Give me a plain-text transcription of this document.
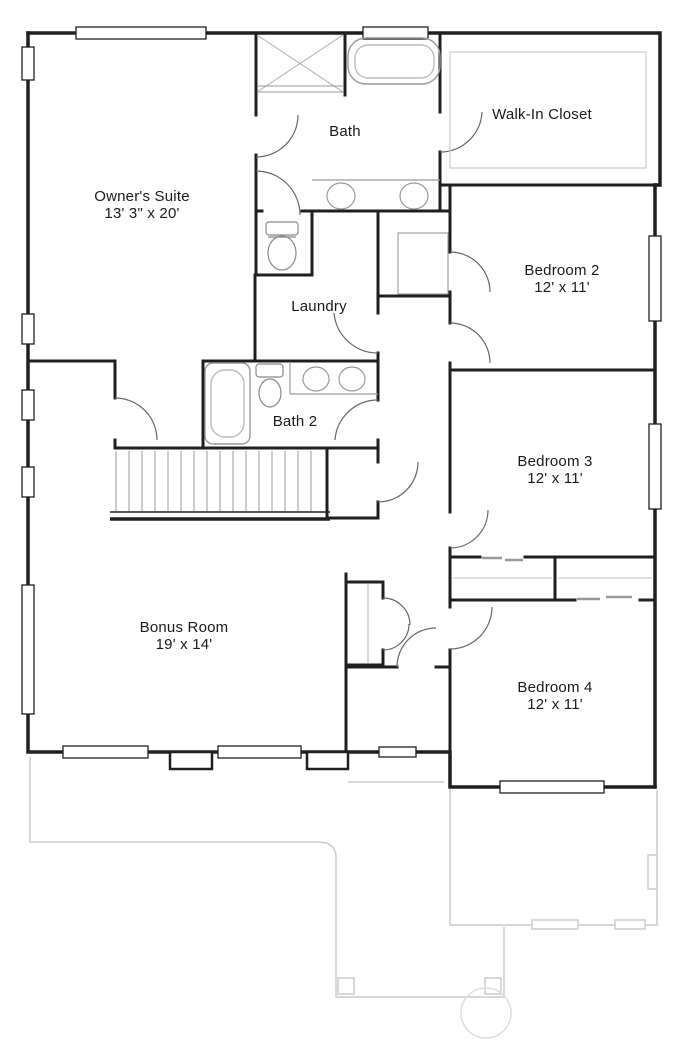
Owner's Suite
13' 3" x 20'
Bath
Walk-In Closet
Bedroom 2
12' x 11'
Laundry
Bath 2
Bedroom 3
12' x 11'
Bonus Room
19' x 14'
Bedroom 4
12' x 11'
